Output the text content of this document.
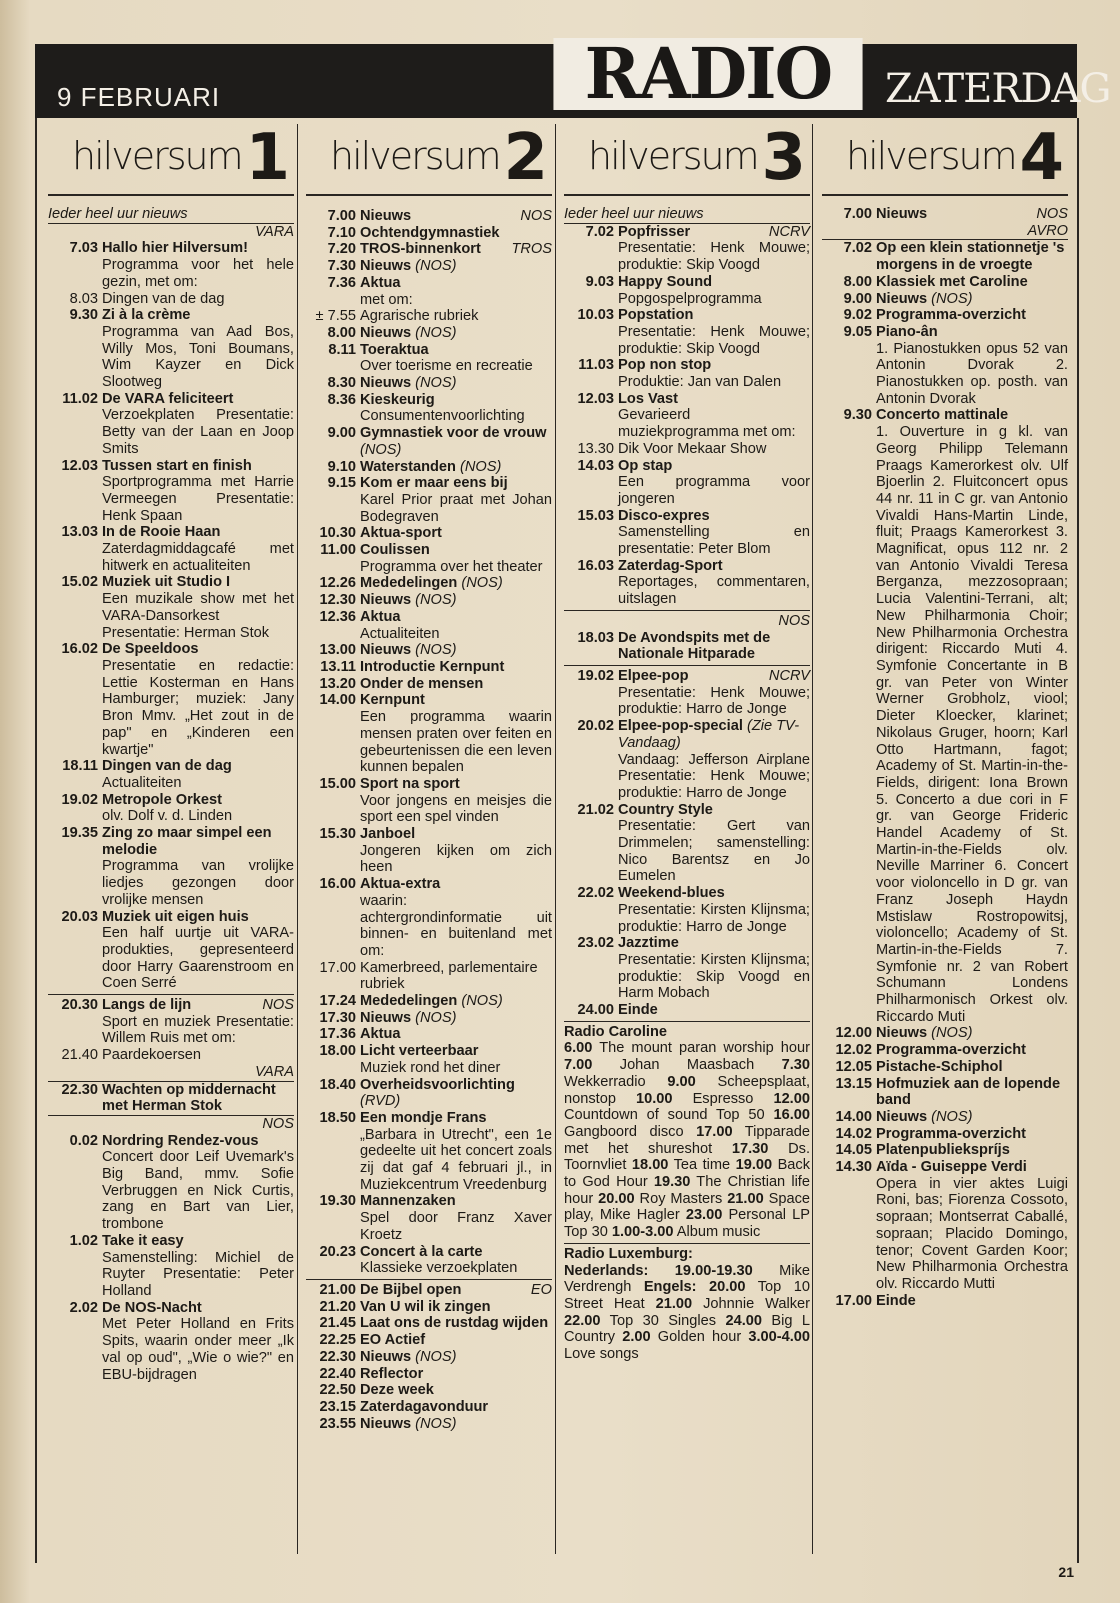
9 FEBRUARI	RADIO	ZATERDAG
hilversum 1
Ieder heel uur nieuws
VARA
7.03 Hallo hier Hilversum!
Programma voor het hele gezin, met om:
8.03 Dingen van de dag
9.30 Zi à la crème
Programma van Aad Bos, Willy Mos, Toni Boumans, Wim Kayzer en Dick Slootweg
11.02 De VARA feliciteert
Verzoekplaten Presentatie: Betty van der Laan en Joop Smits
12.03 Tussen start en finish
Sportprogramma met Harrie Vermeegen Presentatie: Henk Spaan
13.03 In de Rooie Haan
Zaterdagmiddagcafé met hitwerk en actualiteiten
15.02 Muziek uit Studio I
Een muzikale show met het VARA-Dansorkest Presentatie: Herman Stok
16.02 De Speeldoos
Presentatie en redactie: Lettie Kosterman en Hans Hamburger; muziek: Jany Bron Mmv. „Het zout in de pap" en „Kinderen een kwartje"
18.11 Dingen van de dag
Actualiteiten
19.02 Metropole Orkest
olv. Dolf v. d. Linden
19.35 Zing zo maar simpel een melodie
Programma van vrolijke liedjes gezongen door vrolijke mensen
20.03 Muziek uit eigen huis
Een half uurtje uit VARA-produkties, gepresenteerd door Harry Gaarenstroom en Coen Serré
20.30 Langs de lijn	NOS
Sport en muziek Presentatie: Willem Ruis met om:
21.40 Paardekoersen
VARA
22.30 Wachten op middernacht met Herman Stok
NOS
0.02 Nordring Rendez-vous
Concert door Leif Uvemark's Big Band, mmv. Sofie Verbruggen en Nick Curtis, zang en Bart van Lier, trombone
1.02 Take it easy
Samenstelling: Michiel de Ruyter Presentatie: Peter Holland
2.02 De NOS-Nacht
Met Peter Holland en Frits Spits, waarin onder meer „Ik val op oud", „Wie o wie?" en EBU-bijdragen
hilversum 2
7.00 Nieuws	NOS
7.10 Ochtendgymnastiek
7.20 TROS-binnenkort TROS
7.30 Nieuws (NOS)
7.36 Aktua
met om:
± 7.55 Agrarische rubriek
8.00 Nieuws (NOS)
8.11 Toeraktua
Over toerisme en recreatie
8.30 Nieuws (NOS)
8.36 Kieskeurig
Consumentenvoorlichting
9.00 Gymnastiek voor de vrouw (NOS)
9.10 Waterstanden (NOS)
9.15 Kom er maar eens bij
Karel Prior praat met Johan Bodegraven
10.30 Aktua-sport
11.00 Coulissen
Programma over het theater
12.26 Mededelingen (NOS)
12.30 Nieuws (NOS)
12.36 Aktua
Actualiteiten
13.00 Nieuws (NOS)
13.11 Introductie Kernpunt
13.20 Onder de mensen
14.00 Kernpunt
Een programma waarin mensen praten over feiten en gebeurtenissen die een leven kunnen bepalen
15.00 Sport na sport
Voor jongens en meisjes die sport een spel vinden
15.30 Janboel
Jongeren kijken om zich heen
16.00 Aktua-extra
waarin: achtergrondinformatie uit binnen- en buitenland met om:
17.00 Kamerbreed, parlementaire rubriek
17.24 Mededelingen (NOS)
17.30 Nieuws (NOS)
17.36 Aktua
18.00 Licht verteerbaar
Muziek rond het diner
18.40 Overheidsvoorlichting
(RVD)
18.50 Een mondje Frans
„Barbara in Utrecht", een 1e gedeelte uit het concert zoals zij dat gaf 4 februari jl., in Muziekcentrum Vreedenburg
19.30 Mannenzaken
Spel door Franz Xaver Kroetz
20.23 Concert à la carte
Klassieke verzoekplaten
21.00 De Bijbel open	EO
21.20 Van U wil ik zingen
21.45 Laat ons de rustdag wijden
22.25 EO Actief
22.30 Nieuws (NOS)
22.40 Reflector
22.50 Deze week
23.15 Zaterdagavonduur
23.55 Nieuws (NOS)
hilversum 3
Ieder heel uur nieuws
7.02 Popfrisser	NCRV
Presentatie: Henk Mouwe; produktie: Skip Voogd
9.03 Happy Sound
Popgospelprogramma
10.03 Popstation
Presentatie: Henk Mouwe; produktie: Skip Voogd
11.03 Pop non stop
Produktie: Jan van Dalen
12.03 Los Vast
Gevarieerd muziekprogramma met om:
13.30 Dik Voor Mekaar Show
14.03 Op stap
Een programma voor jongeren
15.03 Disco-expres
Samenstelling en presentatie: Peter Blom
16.03 Zaterdag-Sport
Reportages, commentaren, uitslagen
NOS
18.03 De Avondspits met de Nationale Hitparade
19.02 Elpee-pop	NCRV
Presentatie: Henk Mouwe; produktie: Harro de Jonge
20.02 Elpee-pop-special (Zie TV-Vandaag)
Vandaag: Jefferson Airplane Presentatie: Henk Mouwe; produktie: Harro de Jonge
21.02 Country Style
Presentatie: Gert van Drimmelen; samenstelling: Nico Barentsz en Jo Eumelen
22.02 Weekend-blues
Presentatie: Kirsten Klijnsma; produktie: Harro de Jonge
23.02 Jazztime
Presentatie: Kirsten Klijnsma; produktie: Skip Voogd en Harm Mobach
24.00 Einde
Radio Caroline
6.00 The mount paran worship hour 7.00 Johan Maasbach 7.30 Wekkerradio 9.00 Scheepsplaat, nonstop 10.00 Espresso 12.00 Countdown of sound Top 50 16.00 Gangboord disco 17.00 Tipparade met het shureshot 17.30 Ds. Toornvliet 18.00 Tea time 19.00 Back to God Hour 19.30 The Christian life hour 20.00 Roy Masters 21.00 Space play, Mike Hagler 23.00 Personal LP Top 30 1.00-3.00 Album music
Radio Luxemburg:
Nederlands: 19.00-19.30 Mike Verdrengh Engels: 20.00 Top 10 Street Heat 21.00 Johnnie Walker 22.00 Top 30 Singles 24.00 Big L Country 2.00 Golden hour 3.00-4.00 Love songs
hilversum 4
7.00 Nieuws	NOS
AVRO
7.02 Op een klein stationnetje 's morgens in de vroegte
8.00 Klassiek met Caroline
9.00 Nieuws (NOS)
9.02 Programma-overzicht
9.05 Piano-ân
1. Pianostukken opus 52 van Antonin Dvorak 2. Pianostukken op. posth. van Antonin Dvorak
9.30 Concerto mattinale
1. Ouverture in g kl. van Georg Philipp Telemann Praags Kamerorkest olv. Ulf Bjoerlin 2. Fluitconcert opus 44 nr. 11 in C gr. van Antonio Vivaldi Hans-Martin Linde, fluit; Praags Kamerorkest 3. Magnificat, opus 112 nr. 2 van Antonio Vivaldi Teresa Berganza, mezzosopraan; Lucia Valentini-Terrani, alt; New Philharmonia Choir; New Philharmonia Orchestra dirigent: Riccardo Muti 4. Symfonie Concertante in B gr. van Peter von Winter Werner Grobholz, viool; Dieter Kloecker, klarinet; Nikolaus Gruger, hoorn; Karl Otto Hartmann, fagot; Academy of St. Martin-in-the-Fields, dirigent: Iona Brown 5. Concerto a due cori in F gr. van George Frideric Handel Academy of St. Martin-in-the-Fields olv. Neville Marriner 6. Concert voor violoncello in D gr. van Franz Joseph Haydn Mstislaw Rostropowitsj, violoncello; Academy of St. Martin-in-the-Fields 7. Symfonie nr. 2 van Robert Schumann Londens Philharmonisch Orkest olv. Riccardo Muti
12.00 Nieuws (NOS)
12.02 Programma-overzicht
12.05 Pistache-Schiphol
13.15 Hofmuziek aan de lopende band
14.00 Nieuws (NOS)
14.02 Programma-overzicht
14.05 Platenpubliekspríjs
14.30 Aïda - Guiseppe Verdi
Opera in vier aktes Luigi Roni, bas; Fiorenza Cossoto, sopraan; Montserrat Caballé, sopraan; Placido Domingo, tenor; Covent Garden Koor; New Philharmonia Orchestra olv. Riccardo Mutti
17.00 Einde
21
